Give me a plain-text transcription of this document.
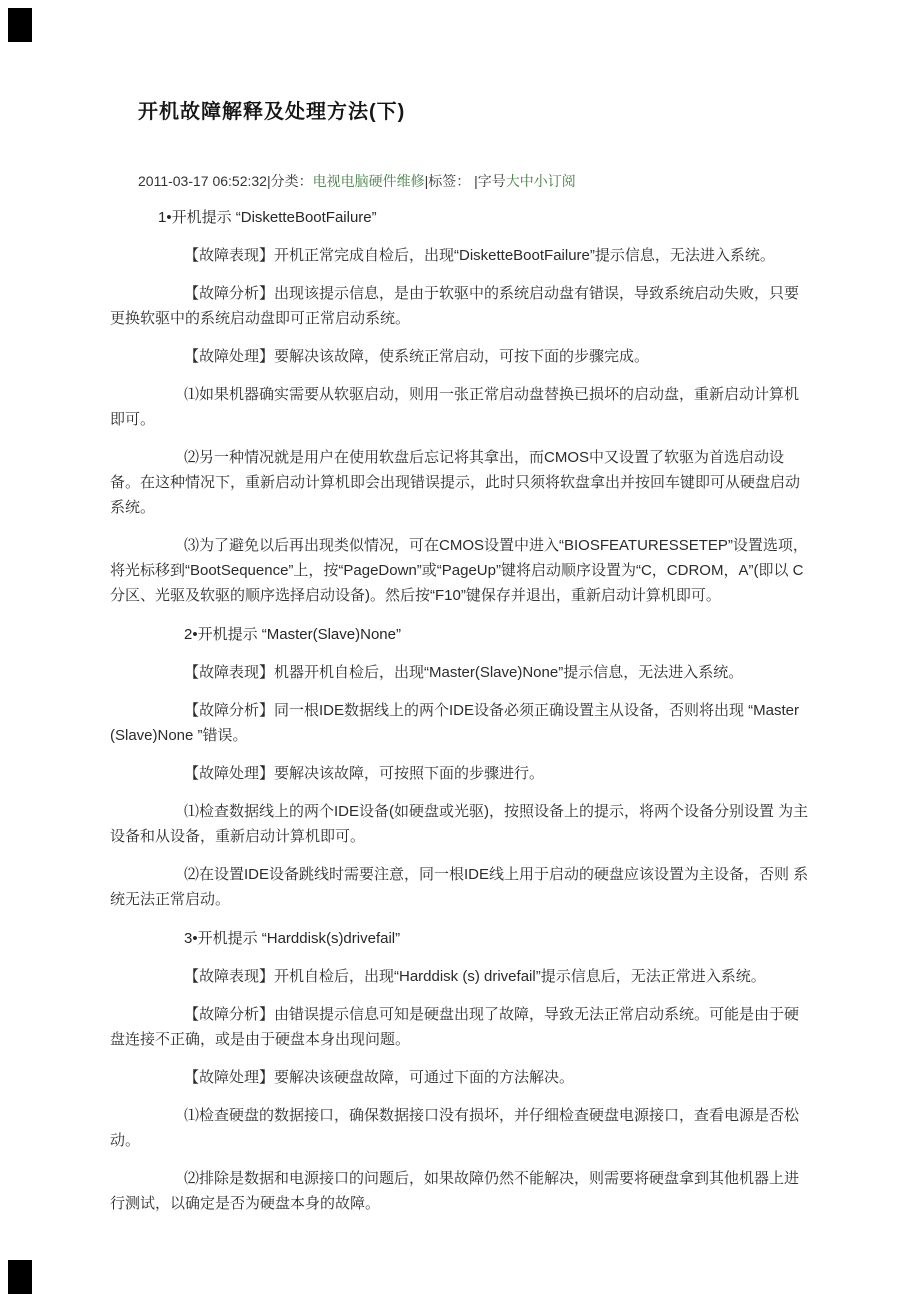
开机故障解释及处理方法(下)
2011-03-17 06:52:32|分类：电视电脑硬件维修|标签： |字号大中小订阅
1•开机提示 “DisketteBootFailure”

【故障表现】开机正常完成自检后，出现“DisketteBootFailure”提示信息，无法进入系统。

【故障分析】出现该提示信息，是由于软驱中的系统启动盘有错误，导致系统启动失败，只要 更换软驱中的系统启动盘即可正常启动系统。

【故障处理】要解决该故障，使系统正常启动，可按下面的步骤完成。

⑴如果机器确实需要从软驱启动，则用一张正常启动盘替换已损坏的启动盘，重新启动计算机 即可。

⑵另一种情况就是用户在使用软盘后忘记将其拿出，而CMOS中又设置了软驱为首选启动设 备。在这种情况下，重新启动计算机即会出现错误提示，此时只须将软盘拿出并按回车键即可从硬盘启动 系统。

⑶为了避免以后再出现类似情况，可在CMOS设置中进入“BIOSFEATURESSETEP”设置选项， 将光标移到“BootSequence”上，按“PageDown”或“PageUp”键将启动顺序设置为“C，CDROM，A”(即以 C分区、光驱及软驱的顺序选择启动设备)。然后按“F10”键保存并退出，重新启动计算机即可。

2•开机提示 “Master(Slave)None”

【故障表现】机器开机自检后，出现“Master(Slave)None”提示信息，无法进入系统。

【故障分析】同一根IDE数据线上的两个IDE设备必须正确设置主从设备，否则将出现 “Master(Slave)None ”错误。

【故障处理】要解决该故障，可按照下面的步骤进行。

⑴检查数据线上的两个IDE设备(如硬盘或光驱)，按照设备上的提示，将两个设备分别设置 为主设备和从设备，重新启动计算机即可。

⑵在设置IDE设备跳线时需要注意，同一根IDE线上用于启动的硬盘应该设置为主设备，否则 系统无法正常启动。

3•开机提示 “Harddisk(s)drivefail”

【故障表现】开机自检后，出现“Harddisk (s) drivefail”提示信息后，无法正常进入系统。

【故障分析】由错误提示信息可知是硬盘出现了故障，导致无法正常启动系统。可能是由于硬 盘连接不正确，或是由于硬盘本身出现问题。

【故障处理】要解决该硬盘故障，可通过下面的方法解决。

⑴检查硬盘的数据接口，确保数据接口没有损坏，并仔细检查硬盘电源接口，查看电源是否松 动。

⑵排除是数据和电源接口的问题后，如果故障仍然不能解决，则需要将硬盘拿到其他机器上进 行测试，以确定是否为硬盘本身的故障。
